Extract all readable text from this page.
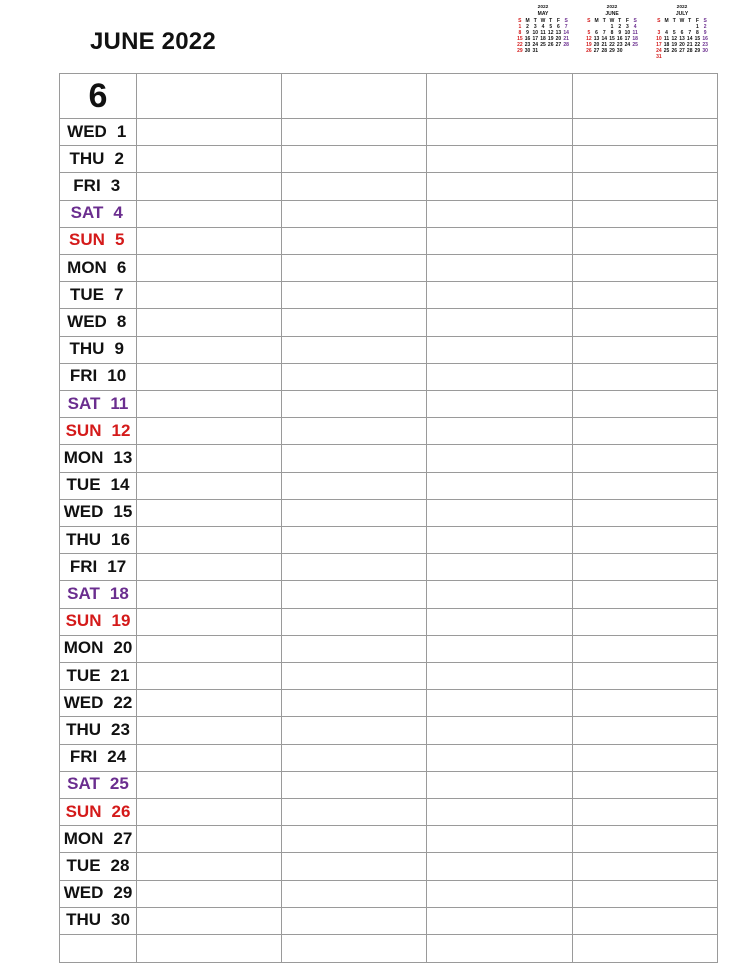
JUNE 2022
2022
MAY
S M T W T F S
1 2 3 4 5 6 7
8 9 10 11 12 13 14
15 16 17 18 19 20 21
22 23 24 25 26 27 28
29 30 31
2022
JUNE
S M T W T F S

1 2 3 4
5 6 7 8 9 10 11
12 13 14 15 16 17 18
19 20 21 22 23 24 25
26 27 28 29 30
2022
JULY
S M T W T F S

1 2
3 4 5 6 7 8 9
10 11 12 13 14 15 16
17 18 19 20 21 22 23
24 25 26 27 28 29 30
31
6
WED 1
THU 2
FRI 3
SAT 4
SUN 5
MON 6
TUE 7
WED 8
THU 9
FRI 10
SAT 11
SUN 12
MON 13
TUE 14
WED 15
THU 16
FRI 17
SAT 18
SUN 19
MON 20
TUE 21
WED 22
THU 23
FRI 24
SAT 25
SUN 26
MON 27
TUE 28
WED 29
THU 30
